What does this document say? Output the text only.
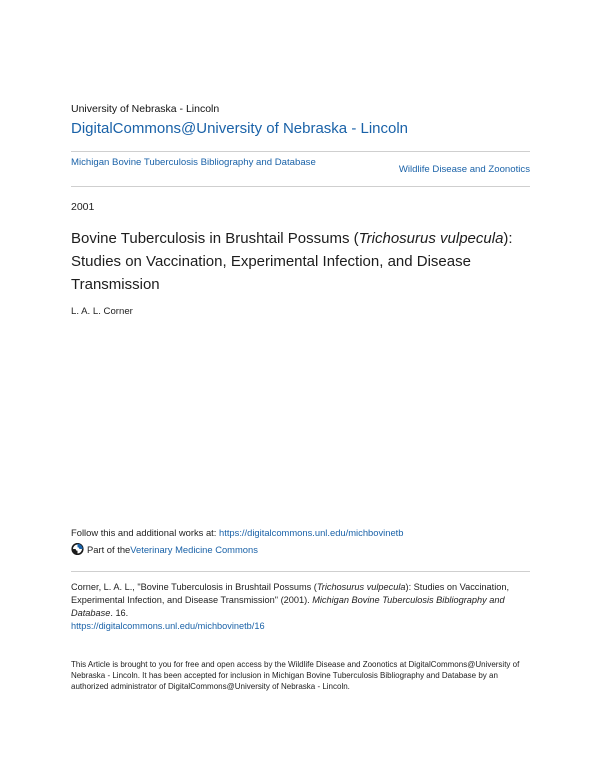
University of Nebraska - Lincoln
DigitalCommons@University of Nebraska - Lincoln
Michigan Bovine Tuberculosis Bibliography and Database
Wildlife Disease and Zoonotics
2001
Bovine Tuberculosis in Brushtail Possums (Trichosurus vulpecula): Studies on Vaccination, Experimental Infection, and Disease Transmission
L. A. L. Corner
Follow this and additional works at: https://digitalcommons.unl.edu/michbovinetb
Part of the Veterinary Medicine Commons
Corner, L. A. L., "Bovine Tuberculosis in Brushtail Possums (Trichosurus vulpecula): Studies on Vaccination, Experimental Infection, and Disease Transmission" (2001). Michigan Bovine Tuberculosis Bibliography and Database. 16.
https://digitalcommons.unl.edu/michbovinetb/16
This Article is brought to you for free and open access by the Wildlife Disease and Zoonotics at DigitalCommons@University of Nebraska - Lincoln. It has been accepted for inclusion in Michigan Bovine Tuberculosis Bibliography and Database by an authorized administrator of DigitalCommons@University of Nebraska - Lincoln.
